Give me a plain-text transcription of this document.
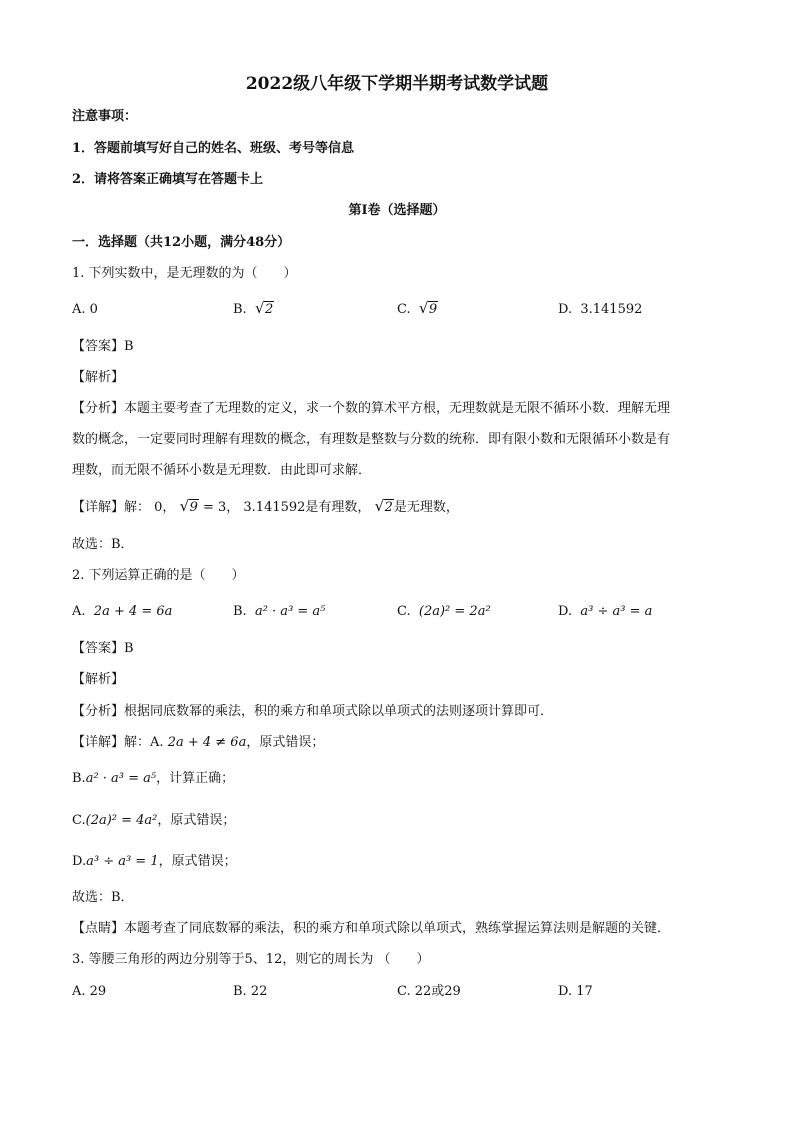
2022级八年级下学期半期考试数学试题
注意事项：
1．答题前填写好自己的姓名、班级、考号等信息
2．请将答案正确填写在答题卡上
第I卷（选择题）
一．选择题（共12小题，满分48分）
1. 下列实数中，是无理数的为（　　）
A. 0	B. √ 2	C. √ 9	D. 3.141592
【答案】B
【解析】
【分析】本题主要考查了无理数的定义，求一个数的算术平方根，无理数就是无限不循环小数．理解无理
数的概念，一定要同时理解有理数的概念，有理数是整数与分数的统称．即有限小数和无限循环小数是有
理数，而无限不循环小数是无理数．由此即可求解．
【详解】解： 0， √ 9 = 3， 3.141592是有理数， √ 2是无理数，
故选：B．
2. 下列运算正确的是（　　）
A. 2a + 4 = 6a	B. a² · a³ = a⁵	C. (2a)² = 2a²	D. a³ ÷ a³ = a
【答案】B
【解析】
【分析】根据同底数幂的乘法，积的乘方和单项式除以单项式的法则逐项计算即可．
【详解】解：A. 2a + 4 ≠ 6a，原式错误；
B.a² · a³ = a⁵，计算正确；
C.(2a)² = 4a²，原式错误；
D.a³ ÷ a³ = 1，原式错误；
故选：B．
【点睛】本题考查了同底数幂的乘法，积的乘方和单项式除以单项式，熟练掌握运算法则是解题的关键．
3. 等腰三角形的两边分别等于5、12，则它的周长为 （　　）
A. 29	B. 22	C. 22或29	D. 17
